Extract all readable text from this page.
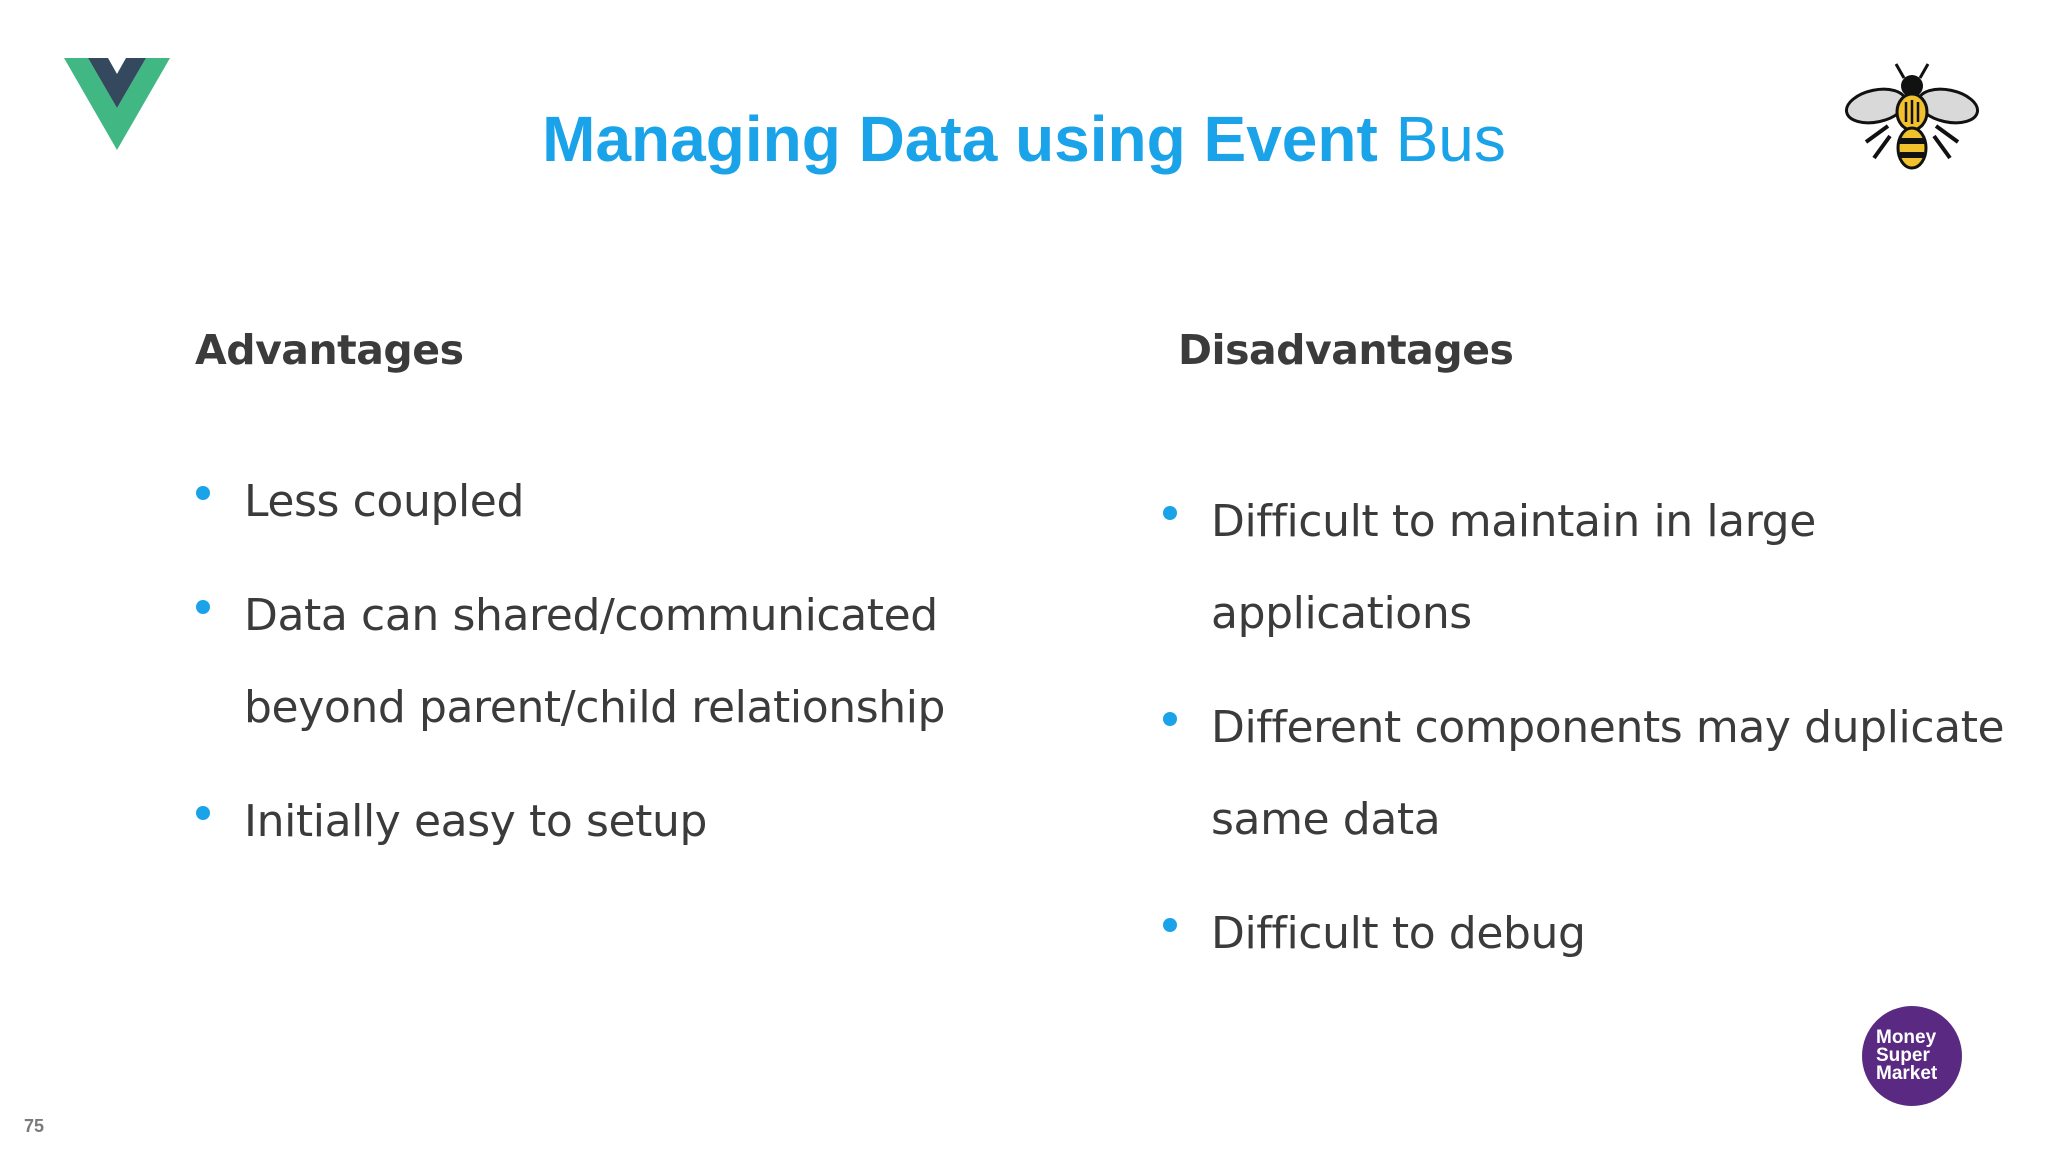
Managing Data using Event Bus
Advantages	Disadvantages
Less coupled
Data can shared/communicated beyond parent/child relationship
Initially easy to setup
Difficult to maintain in large applications
Different components may duplicate same data
Difficult to debug
Money
Super
Market
75
